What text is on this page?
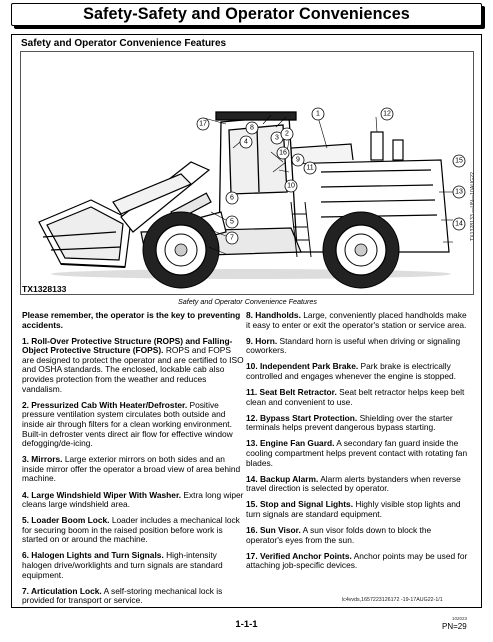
Safety-Safety and Operator Conveniences
Safety and Operator Convenience Features
17
8
3
2
4
16
1
9
11
10
6
5
7
12
15
13
14
TX1328133
TX1328133 —UN—10AUG22
Safety and Operator Convenience Features

Please remember, the operator is the key to preventing accidents.

1. Roll-Over Protective Structure (ROPS) and Falling-Object Protective Structure (FOPS). ROPS and FOPS are designed to protect the operator and are certified to ISO and OSHA standards. The enclosed, lockable cab also provides protection from the weather and reduces vandalism.

2. Pressurized Cab With Heater/Defroster. Positive pressure ventilation system circulates both outside and inside air through filters for a clean working environment. Built-in defroster vents direct air flow for effective window defogging/de-icing.

3. Mirrors. Large exterior mirrors on both sides and an inside mirror offer the operator a broad view of area behind machine.

4. Large Windshield Wiper With Washer. Extra long wiper cleans large windshield area.

5. Loader Boom Lock. Loader includes a mechanical lock for securing boom in the raised position before work is started on or around the machine.

6. Halogen Lights and Turn Signals. High-intensity halogen drive/worklights and turn signals are standard equipment.

7. Articulation Lock. A self-storing mechanical lock is provided for transport or service.

8. Handholds. Large, conveniently placed handholds make it easy to enter or exit the operator's station or service area.

9. Horn. Standard horn is useful when driving or signaling coworkers.

10. Independent Park Brake. Park brake is electrically controlled and engages whenever the engine is stopped.

11. Seat Belt Retractor. Seat belt retractor helps keep belt clean and convenient to use.

12. Bypass Start Protection. Shielding over the starter terminals helps prevent dangerous bypass starting.

13. Engine Fan Guard. A secondary fan guard inside the cooling compartment helps prevent contact with rotating fan blades.

14. Backup Alarm. Alarm alerts bystanders when reverse travel direction is selected by operator.

15. Stop and Signal Lights. Highly visible stop lights and turn signals are standard equipment.

16. Sun Visor. A sun visor folds down to block the operator's eyes from the sun.

17. Verified Anchor Points. Anchor points may be used for attaching job-specific devices.

lc4vvds,1657223126172 -19-17AUG22-1/1
1-1-1
102023
PN=29
